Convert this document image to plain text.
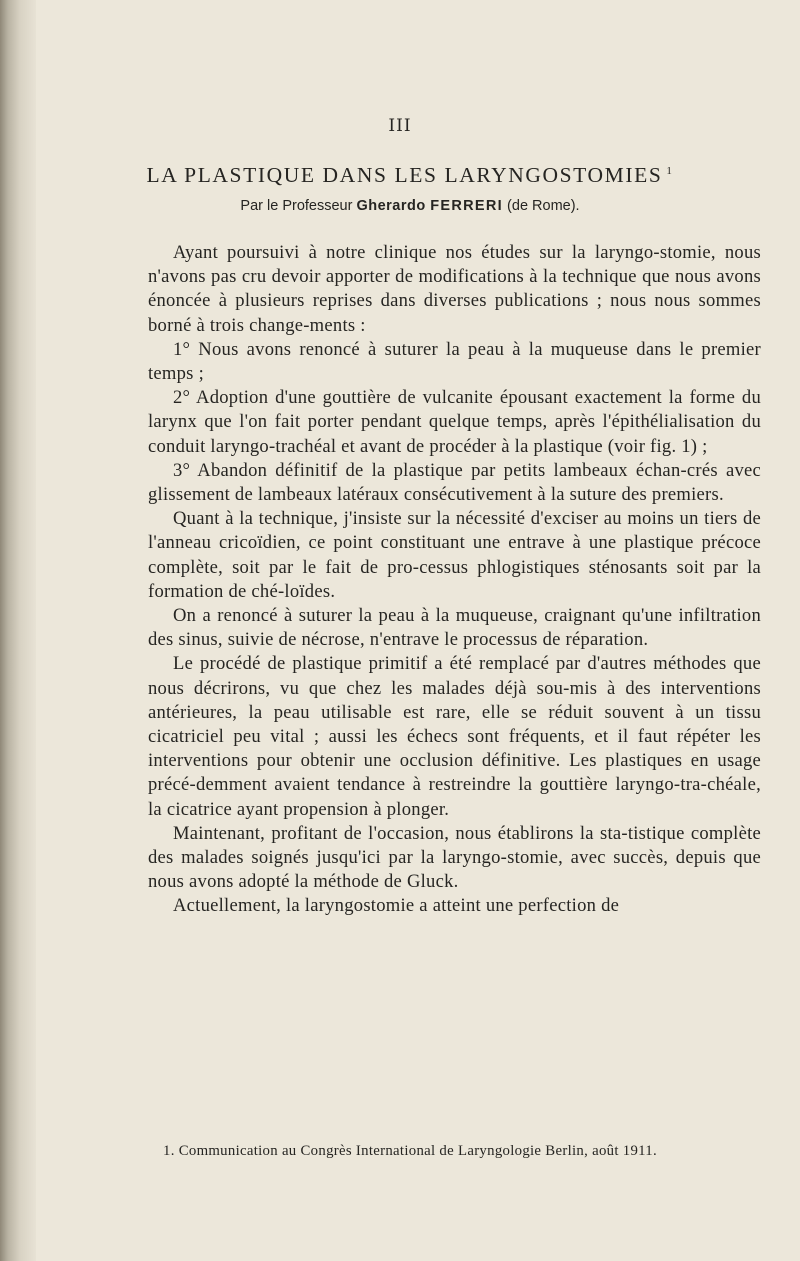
III
LA PLASTIQUE DANS LES LARYNGOSTOMIES $^1$
Par le Professeur Gherardo FERRERI (de Rome).

Ayant poursuivi à notre clinique nos études sur la laryngo-stomie, nous n'avons pas cru devoir apporter de modifications à la technique que nous avons énoncée à plusieurs reprises dans diverses publications ; nous nous sommes borné à trois change-ments :

1° Nous avons renoncé à suturer la peau à la muqueuse dans le premier temps ;

2° Adoption d'une gouttière de vulcanite épousant exactement la forme du larynx que l'on fait porter pendant quelque temps, après l'épithélialisation du conduit laryngo-trachéal et avant de procéder à la plastique (voir fig. 1) ;

3° Abandon définitif de la plastique par petits lambeaux échan-crés avec glissement de lambeaux latéraux consécutivement à la suture des premiers.

Quant à la technique, j'insiste sur la nécessité d'exciser au moins un tiers de l'anneau cricoïdien, ce point constituant une entrave à une plastique précoce complète, soit par le fait de pro-cessus phlogistiques sténosants soit par la formation de ché-loïdes.

On a renoncé à suturer la peau à la muqueuse, craignant qu'une infiltration des sinus, suivie de nécrose, n'entrave le processus de réparation.

Le procédé de plastique primitif a été remplacé par d'autres méthodes que nous décrirons, vu que chez les malades déjà sou-mis à des interventions antérieures, la peau utilisable est rare, elle se réduit souvent à un tissu cicatriciel peu vital ; aussi les échecs sont fréquents, et il faut répéter les interventions pour obtenir une occlusion définitive. Les plastiques en usage précé-demment avaient tendance à restreindre la gouttière laryngo-tra-chéale, la cicatrice ayant propension à plonger.

Maintenant, profitant de l'occasion, nous établirons la sta-tistique complète des malades soignés jusqu'ici par la laryngo-stomie, avec succès, depuis que nous avons adopté la méthode de Gluck.

Actuellement, la laryngostomie a atteint une perfection de

1. Communication au Congrès International de Laryngologie Berlin, août 1911.
